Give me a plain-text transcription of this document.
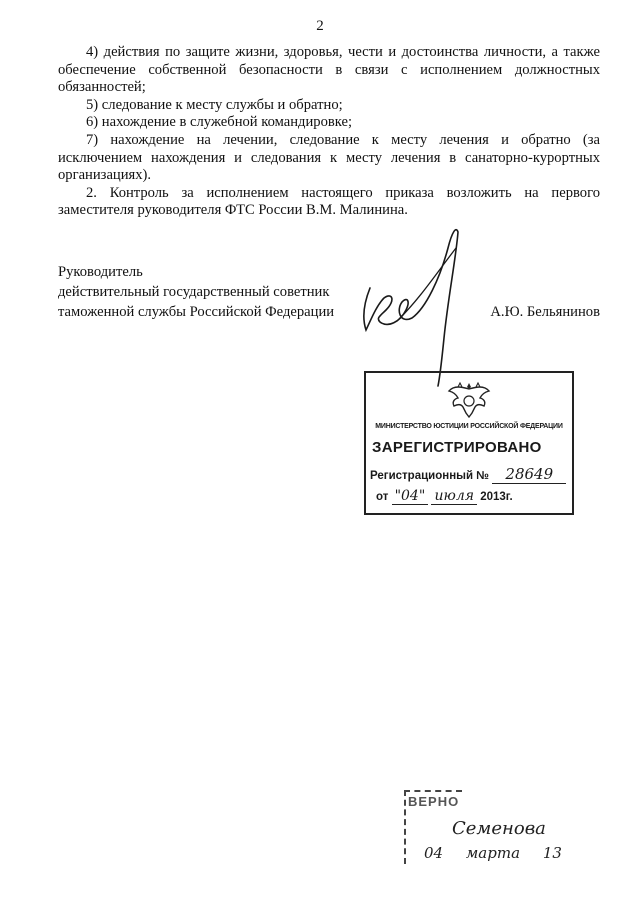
2

4) действия по защите жизни, здоровья, чести и достоинства личности, а также обеспечение собственной безопасности в связи с исполнением должностных обязанностей;

5) следование к месту службы и обратно;

6) нахождение в служебной командировке;

7) нахождение на лечении, следование к месту лечения и обратно (за исключением нахождения и следования к месту лечения в санаторно-курортных организациях).

2. Контроль за исполнением настоящего приказа возложить на первого заместителя руководителя ФТС России В.М. Малинина.

Руководитель
действительный государственный советник
таможенной службы Российской Федерации	А.Ю. Бельянинов
МИНИСТЕРСТВО ЮСТИЦИИ РОССИЙСКОЙ ФЕДЕРАЦИИ
ЗАРЕГИСТРИРОВАНО
Регистрационный № 28649
от "04" июля 2013г.
ВЕРНО
Семенова
04 марта 13
